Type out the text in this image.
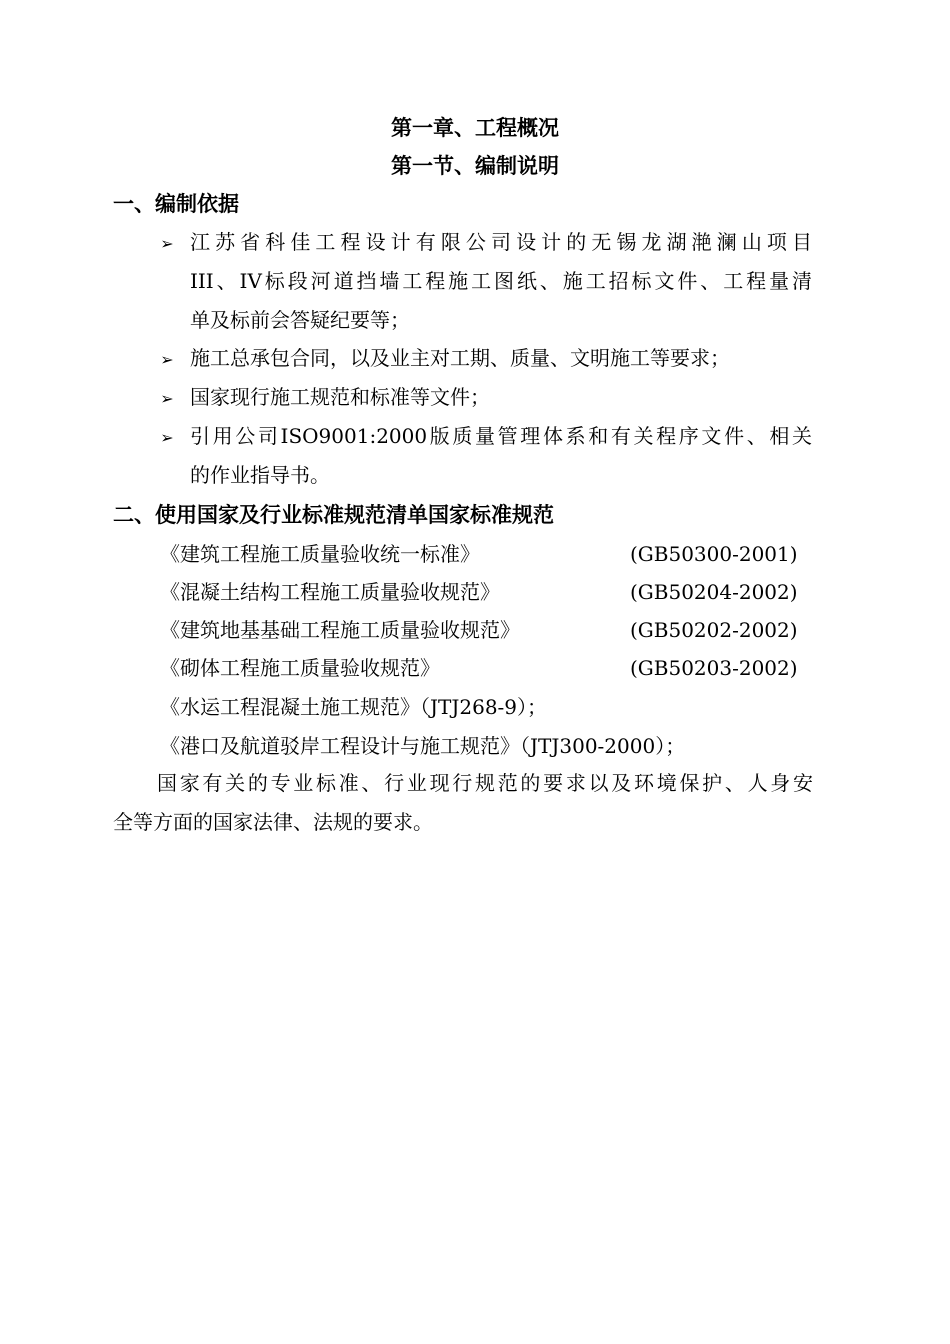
第一章、工程概况
第一节、编制说明
一、编制依据
➢ 江苏省科佳工程设计有限公司设计的无锡龙湖滟澜山项目
III、IV标段河道挡墙工程施工图纸、施工招标文件、工程量清
单及标前会答疑纪要等；
➢ 施工总承包合同，以及业主对工期、质量、文明施工等要求；
➢ 国家现行施工规范和标准等文件；
➢ 引用公司ISO9001:2000版质量管理体系和有关程序文件、相关
的作业指导书。
二、使用国家及行业标准规范清单国家标准规范
《建筑工程施工质量验收统一标准》	(GB50300-2001)
《混凝土结构工程施工质量验收规范》	(GB50204-2002)
《建筑地基基础工程施工质量验收规范》	(GB50202-2002)
《砌体工程施工质量验收规范》	(GB50203-2002)
《水运工程混凝土施工规范》（JTJ268-9）；
《港口及航道驳岸工程设计与施工规范》（JTJ300-2000）；
国家有关的专业标准、行业现行规范的要求以及环境保护、人身安
全等方面的国家法律、法规的要求。
